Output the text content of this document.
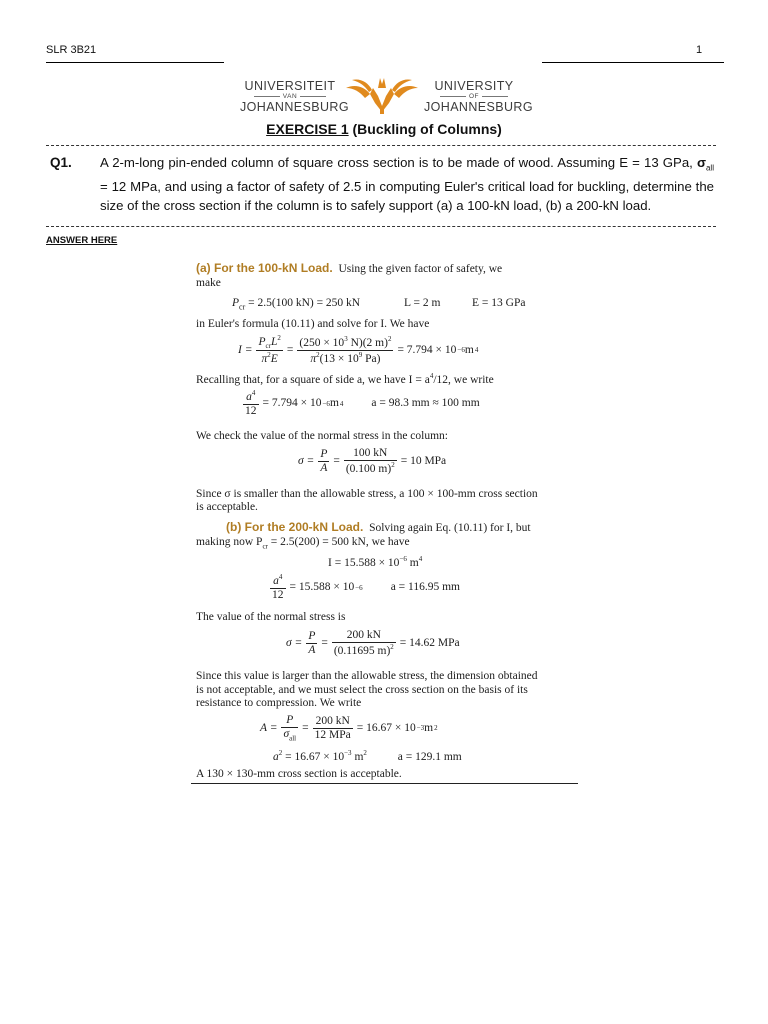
SLR 3B21	1
UNIVERSITEIT
VAN
JOHANNESBURG
UNIVERSITY
OF
JOHANNESBURG
EXERCISE 1 (Buckling of Columns)
Q1. A 2-m-long pin-ended column of square cross section is to be made of wood. Assuming E = 13 GPa, $\sigma_{all} = 12$ MPa, and using a factor of safety of 2.5 in computing Euler's critical load for buckling, determine the size of the cross section if the column is to safely support (a) a 100-kN load, (b) a 200-kN load.
ANSWER HERE
(a) For the 100-kN Load. Using the given factor of safety, we
make
$P_{cr} = 2.5(100$ kN) = 250 kN	L = 2 m	E = 13 GPa
in Euler's formula (10.11) and solve for I. We have
$I = \frac{P_{cr}L^2}{\pi^2E} = \frac{(250 \times 10^3 N)(2 m)^2}{\pi^2(13 \times 10^9 Pa)} = 7.794 \times 10 -6$ m 4
Recalling that, for a square of side a, we have $I = a^4/12$, we write
$\frac{a^4}{12} = 7.794 \times 10 -6$ m 4 a = 98.3 mm ≈ 100 mm
We check the value of the normal stress in the column:
$\sigma = \frac{P}{A} = \frac{100 kN}{(0.100 m)^2} = 10$ MPa
Since σ is smaller than the allowable stress, a 100 × 100-mm cross section
is acceptable.
(b) For the 200-kN Load. Solving again Eq. (10.11) for I, but
making now $P_{cr} = 2.5(200) = 500$ kN, we have
$I = 15.588 \times 10^{-6}$ $m^4$
$\frac{a^4}{12} = 15.588 \times 10 -6$ a = 116.95 mm
The value of the normal stress is
$\sigma = \frac{P}{A} = \frac{200 kN}{(0.11695 m)^2} = 14.62$ MPa
Since this value is larger than the allowable stress, the dimension obtained
is not acceptable, and we must select the cross section on the basis of its
resistance to compression. We write
$A = \frac{P}{\sigma_{all}} = \frac{200 kN}{\text{12 MPa}} = 16.67 \times 10 -3$ m 2
$a^2 = 16.67 \times 10^{-3}$ $m^2$	a = 129.1 mm
A 130 × 130-mm cross section is acceptable.
